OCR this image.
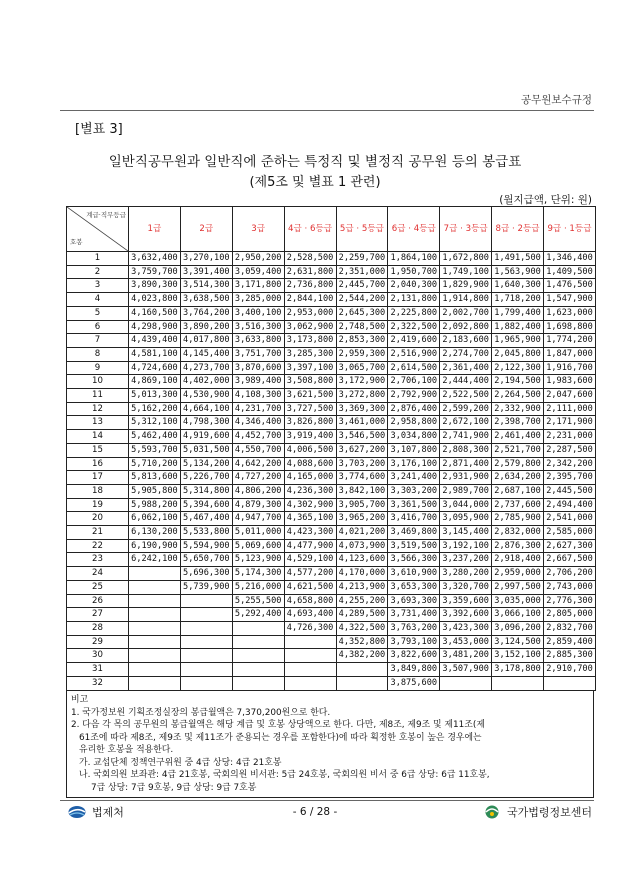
공무원보수규정
[별표 3]
일반직공무원과 일반직에 준하는 특정직 및 별정직 공무원 등의 봉급표
(제5조 및 별표 1 관련)
(월지급액, 단위: 원)
계급·직무등급
호봉	1급	2급	3급	4급 · 6등급	5급 · 5등급	6급 · 4등급	7급 · 3등급	8급 · 2등급	9급 · 1등급
1	3,632,400	3,270,100	2,950,200	2,528,500	2,259,700	1,864,100	1,672,800	1,491,500	1,346,400
2	3,759,700	3,391,400	3,059,400	2,631,800	2,351,000	1,950,700	1,749,100	1,563,900	1,409,500
3	3,890,300	3,514,300	3,171,800	2,736,800	2,445,700	2,040,300	1,829,900	1,640,300	1,476,500
4	4,023,800	3,638,500	3,285,000	2,844,100	2,544,200	2,131,800	1,914,800	1,718,200	1,547,900
5	4,160,500	3,764,200	3,400,100	2,953,000	2,645,300	2,225,800	2,002,700	1,799,400	1,623,000
6	4,298,900	3,890,200	3,516,300	3,062,900	2,748,500	2,322,500	2,092,800	1,882,400	1,698,800
7	4,439,400	4,017,800	3,633,800	3,173,800	2,853,300	2,419,600	2,183,600	1,965,900	1,774,200
8	4,581,100	4,145,400	3,751,700	3,285,300	2,959,300	2,516,900	2,274,700	2,045,800	1,847,000
9	4,724,600	4,273,700	3,870,600	3,397,100	3,065,700	2,614,500	2,361,400	2,122,300	1,916,700
10	4,869,100	4,402,000	3,989,400	3,508,800	3,172,900	2,706,100	2,444,400	2,194,500	1,983,600
11	5,013,300	4,530,900	4,108,300	3,621,500	3,272,800	2,792,900	2,522,500	2,264,500	2,047,600
12	5,162,200	4,664,100	4,231,700	3,727,500	3,369,300	2,876,400	2,599,200	2,332,900	2,111,000
13	5,312,100	4,798,300	4,346,400	3,826,800	3,461,000	2,958,800	2,672,100	2,398,700	2,171,900
14	5,462,400	4,919,600	4,452,700	3,919,400	3,546,500	3,034,800	2,741,900	2,461,400	2,231,000
15	5,593,700	5,031,500	4,550,700	4,006,500	3,627,200	3,107,800	2,808,300	2,521,700	2,287,500
16	5,710,200	5,134,200	4,642,200	4,088,600	3,703,200	3,176,100	2,871,400	2,579,800	2,342,200
17	5,813,600	5,226,700	4,727,200	4,165,000	3,774,600	3,241,400	2,931,900	2,634,200	2,395,700
18	5,905,800	5,314,800	4,806,200	4,236,300	3,842,100	3,303,200	2,989,700	2,687,100	2,445,500
19	5,988,200	5,394,600	4,879,300	4,302,900	3,905,700	3,361,500	3,044,000	2,737,600	2,494,400
20	6,062,100	5,467,400	4,947,700	4,365,100	3,965,200	3,416,700	3,095,900	2,785,900	2,541,000
21	6,130,200	5,533,800	5,011,000	4,423,300	4,021,200	3,469,800	3,145,400	2,832,000	2,585,000
22	6,190,900	5,594,900	5,069,600	4,477,900	4,073,900	3,519,500	3,192,100	2,876,300	2,627,300
23	6,242,100	5,650,700	5,123,900	4,529,100	4,123,600	3,566,300	3,237,200	2,918,400	2,667,500
24		5,696,300	5,174,300	4,577,200	4,170,000	3,610,900	3,280,200	2,959,000	2,706,200
25		5,739,900	5,216,000	4,621,500	4,213,900	3,653,300	3,320,700	2,997,500	2,743,000
26			5,255,500	4,658,800	4,255,200	3,693,300	3,359,600	3,035,000	2,776,300
27			5,292,400	4,693,400	4,289,500	3,731,400	3,392,600	3,066,100	2,805,000
28				4,726,300	4,322,500	3,763,200	3,423,300	3,096,200	2,832,700
29					4,352,800	3,793,100	3,453,000	3,124,500	2,859,400
30					4,382,200	3,822,600	3,481,200	3,152,100	2,885,300
31						3,849,800	3,507,900	3,178,800	2,910,700
32						3,875,600			

비고

1. 국가정보원 기획조정실장의 봉급월액은 7,370,200원으로 한다.

2. 다음 각 목의 공무원의 봉급월액은 해당 계급 및 호봉 상당액으로 한다. 다만, 제8조, 제9조 및 제11조(제

61조에 따라 제8조, 제9조 및 제11조가 준용되는 경우를 포함한다)에 따라 획정한 호봉이 높은 경우에는

유리한 호봉을 적용한다.

가. 교섭단체 정책연구위원 중 4급 상당: 4급 21호봉

나. 국회의원 보좌관: 4급 21호봉, 국회의원 비서관: 5급 24호봉, 국회의원 비서 중 6급 상당: 6급 11호봉,

7급 상당: 7급 9호봉, 9급 상당: 9급 7호봉

법제처	- 6 / 28 -	국가법령정보센터
